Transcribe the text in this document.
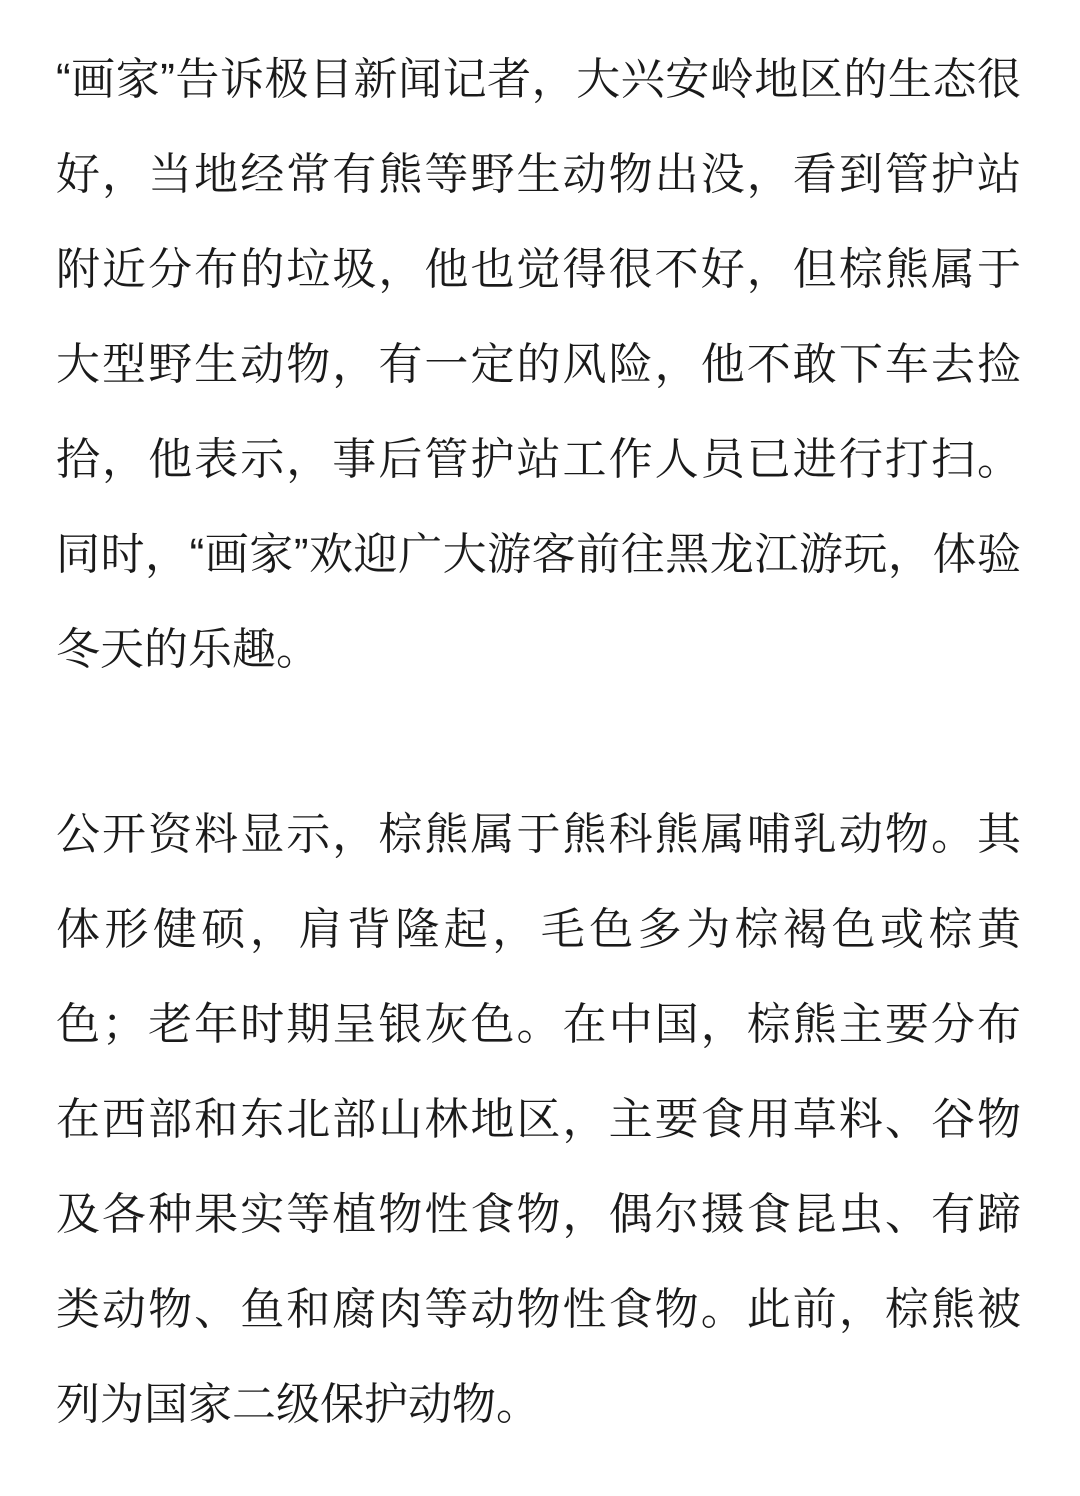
“画家”告诉极目新闻记者，大兴安岭地区的生态很好，当地经常有熊等野生动物出没，看到管护站附近分布的垃圾，他也觉得很不好，但棕熊属于大型野生动物，有一定的风险，他不敢下车去捡拾，他表示，事后管护站工作人员已进行打扫。同时，“画家”欢迎广大游客前往黑龙江游玩，体验冬天的乐趣。

公开资料显示，棕熊属于熊科熊属哺乳动物。其体形健硕，肩背隆起，毛色多为棕褐色或棕黄色；老年时期呈银灰色。在中国，棕熊主要分布在西部和东北部山林地区，主要食用草料、谷物及各种果实等植物性食物，偶尔摄食昆虫、有蹄类动物、鱼和腐肉等动物性食物。此前，棕熊被列为国家二级保护动物。
